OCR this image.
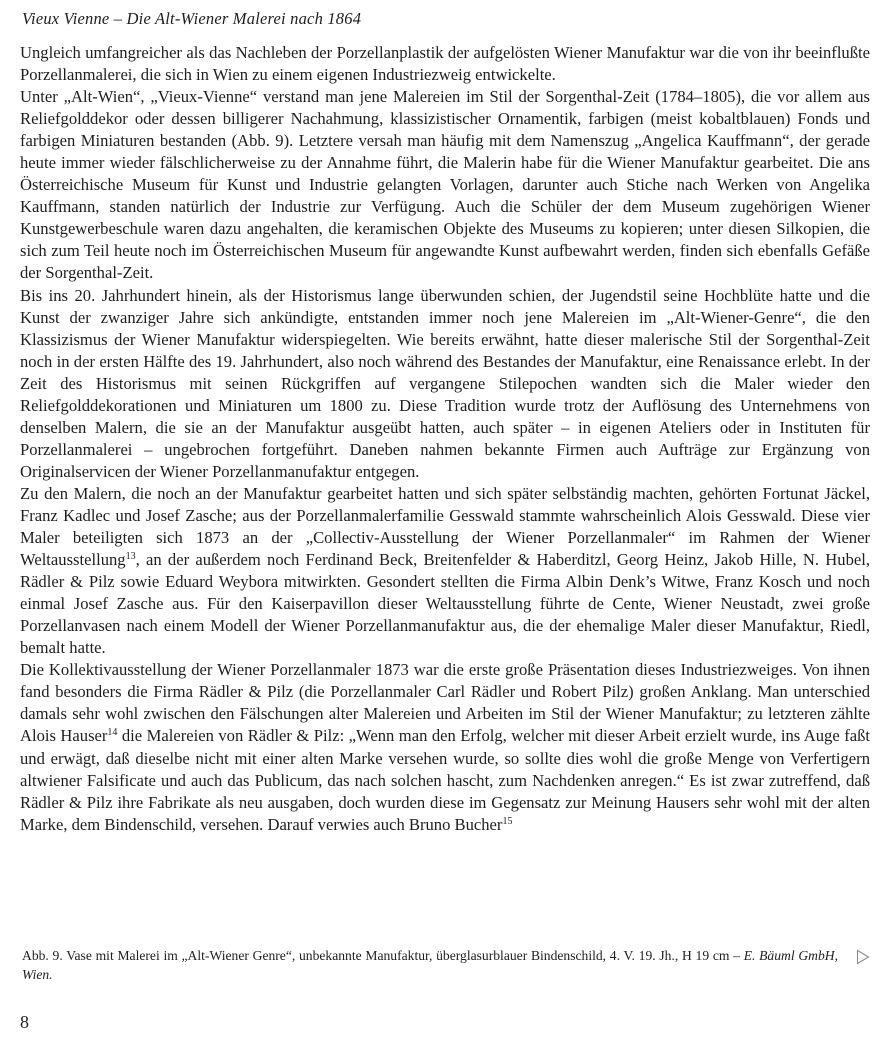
Vieux Vienne – Die Alt-Wiener Malerei nach 1864

Ungleich umfangreicher als das Nachleben der Porzellanplastik der aufgelösten Wiener Manufaktur war die von ihr beeinflußte Porzellanmalerei, die sich in Wien zu einem eigenen Industriezweig entwickelte.

Unter „Alt-Wien“, „Vieux-Vienne“ verstand man jene Malereien im Stil der Sorgenthal-Zeit (1784–1805), die vor allem aus Reliefgolddekor oder dessen billigerer Nachahmung, klassizistischer Ornamentik, farbigen (meist kobaltblauen) Fonds und farbigen Miniaturen bestanden (Abb. 9). Letztere versah man häufig mit dem Namenszug „Angelica Kauffmann“, der gerade heute immer wieder fälschlicherweise zu der Annahme führt, die Malerin habe für die Wiener Manufaktur gearbeitet. Die ans Österreichische Museum für Kunst und Industrie gelangten Vorlagen, darunter auch Stiche nach Werken von Angelika Kauffmann, standen natürlich der Industrie zur Verfügung. Auch die Schüler der dem Museum zugehörigen Wiener Kunstgewerbeschule waren dazu angehalten, die keramischen Objekte des Museums zu kopieren; unter diesen Silkopien, die sich zum Teil heute noch im Österreichischen Museum für angewandte Kunst aufbewahrt werden, finden sich ebenfalls Gefäße der Sorgenthal-Zeit.

Bis ins 20. Jahrhundert hinein, als der Historismus lange überwunden schien, der Jugendstil seine Hochblüte hatte und die Kunst der zwanziger Jahre sich ankündigte, entstanden immer noch jene Malereien im „Alt-Wiener-Genre“, die den Klassizismus der Wiener Manufaktur widerspiegelten. Wie bereits erwähnt, hatte dieser malerische Stil der Sorgenthal-Zeit noch in der ersten Hälfte des 19. Jahrhundert, also noch während des Bestandes der Manufaktur, eine Renaissance erlebt. In der Zeit des Historismus mit seinen Rückgriffen auf vergangene Stilepochen wandten sich die Maler wieder den Reliefgolddekorationen und Miniaturen um 1800 zu. Diese Tradition wurde trotz der Auflösung des Unternehmens von denselben Malern, die sie an der Manufaktur ausgeübt hatten, auch später – in eigenen Ateliers oder in Instituten für Porzellanmalerei – ungebrochen fortgeführt. Daneben nahmen bekannte Firmen auch Aufträge zur Ergänzung von Originalservicen der Wiener Porzellanmanufaktur entgegen.

Zu den Malern, die noch an der Manufaktur gearbeitet hatten und sich später selbständig machten, gehörten Fortunat Jäckel, Franz Kadlec und Josef Zasche; aus der Porzellanmalerfamilie Gesswald stammte wahrscheinlich Alois Gesswald. Diese vier Maler beteiligten sich 1873 an der „Collectiv-Ausstellung der Wiener Porzellanmaler“ im Rahmen der Wiener Weltausstellung$^{13}$, an der außerdem noch Ferdinand Beck, Breitenfelder & Haberditzl, Georg Heinz, Jakob Hille, N. Hubel, Rädler & Pilz sowie Eduard Weybora mitwirkten. Gesondert stellten die Firma Albin Denk’s Witwe, Franz Kosch und noch einmal Josef Zasche aus. Für den Kaiserpavillon dieser Weltausstellung führte de Cente, Wiener Neustadt, zwei große Porzellanvasen nach einem Modell der Wiener Porzellanmanufaktur aus, die der ehemalige Maler dieser Manufaktur, Riedl, bemalt hatte.

Die Kollektivausstellung der Wiener Porzellanmaler 1873 war die erste große Präsentation dieses Industriezweiges. Von ihnen fand besonders die Firma Rädler & Pilz (die Porzellanmaler Carl Rädler und Robert Pilz) großen Anklang. Man unterschied damals sehr wohl zwischen den Fälschungen alter Malereien und Arbeiten im Stil der Wiener Manufaktur; zu letzteren zählte Alois Hauser$^{14}$ die Malereien von Rädler & Pilz: „Wenn man den Erfolg, welcher mit dieser Arbeit erzielt wurde, ins Auge faßt und erwägt, daß dieselbe nicht mit einer alten Marke versehen wurde, so sollte dies wohl die große Menge von Verfertigern altwiener Falsificate und auch das Publicum, das nach solchen hascht, zum Nachdenken anregen.“ Es ist zwar zutreffend, daß Rädler & Pilz ihre Fabrikate als neu ausgaben, doch wurden diese im Gegensatz zur Meinung Hausers sehr wohl mit der alten Marke, dem Bindenschild, versehen. Darauf verwies auch Bruno Bucher$^{15}$

Abb. 9. Vase mit Malerei im „Alt-Wiener Genre“, unbekannte Manufaktur, überglasurblauer Bindenschild, 4. V. 19. Jh., H 19 cm – E. Bäuml GmbH, Wien.
8
